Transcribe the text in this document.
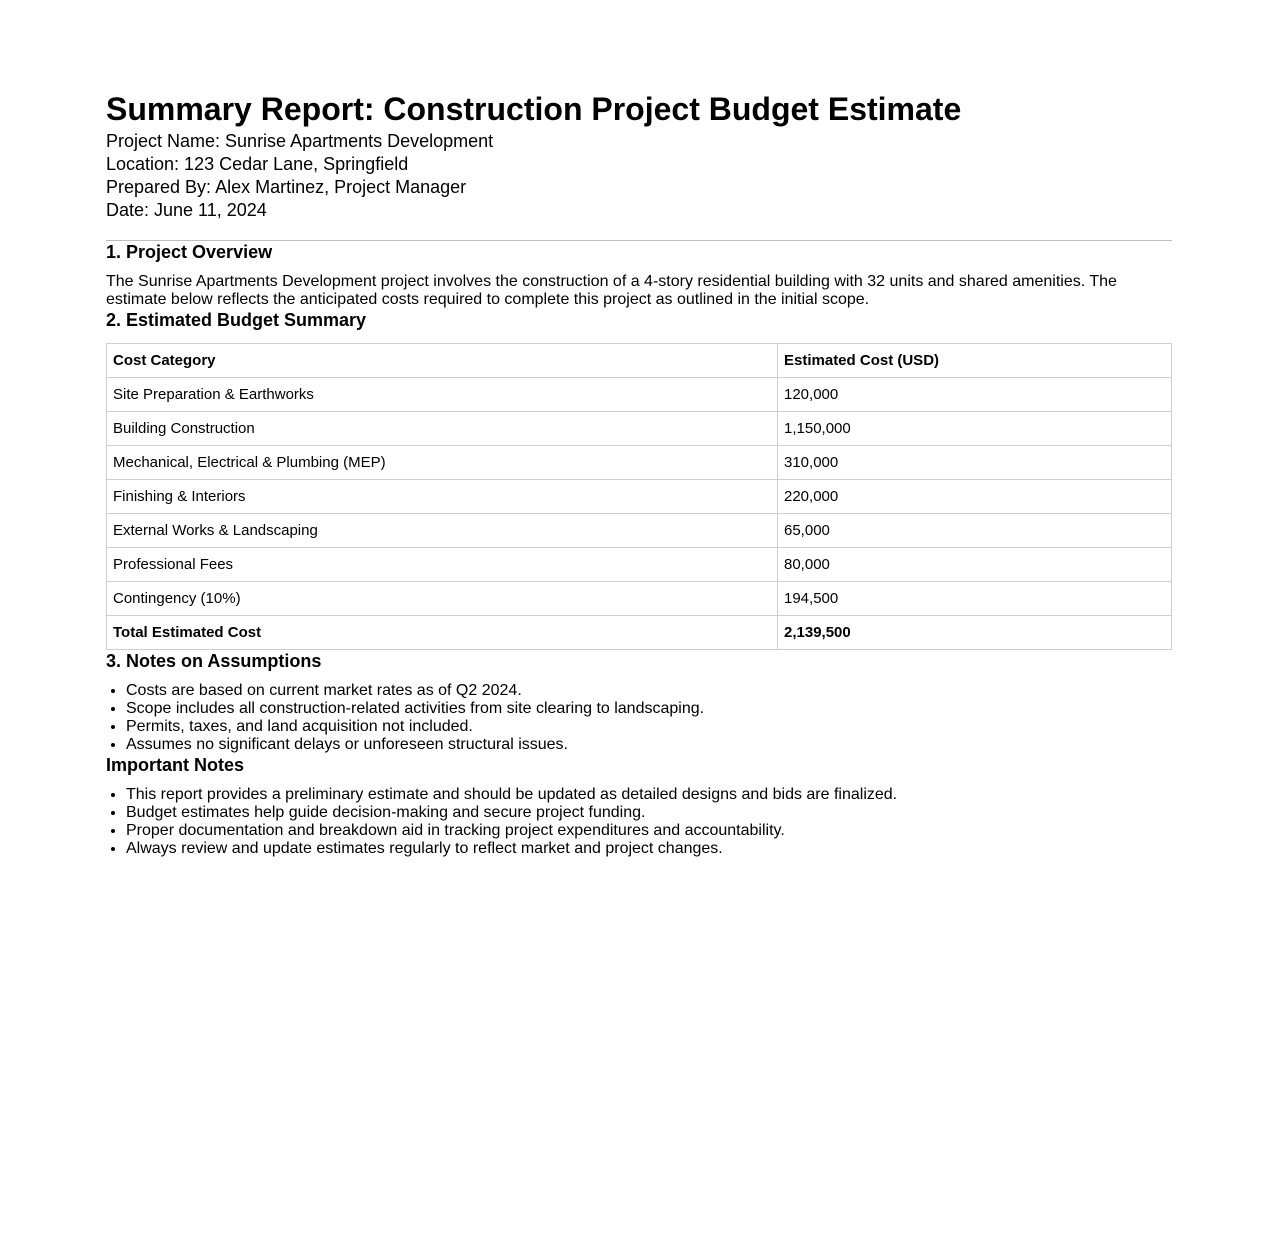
Summary Report: Construction Project Budget Estimate
Project Name: Sunrise Apartments Development
Location: 123 Cedar Lane, Springfield
Prepared By: Alex Martinez, Project Manager
Date: June 11, 2024
1. Project Overview
The Sunrise Apartments Development project involves the construction of a 4-story residential building with 32 units and shared amenities. The estimate below reflects the anticipated costs required to complete this project as outlined in the initial scope.
2. Estimated Budget Summary
Cost Category	Estimated Cost (USD)
Site Preparation & Earthworks	120,000
Building Construction	1,150,000
Mechanical, Electrical & Plumbing (MEP)	310,000
Finishing & Interiors	220,000
External Works & Landscaping	65,000
Professional Fees	80,000
Contingency (10%)	194,500
Total Estimated Cost	2,139,500
3. Notes on Assumptions
• Costs are based on current market rates as of Q2 2024.
• Scope includes all construction-related activities from site clearing to landscaping.
• Permits, taxes, and land acquisition not included.
• Assumes no significant delays or unforeseen structural issues.
Important Notes
• This report provides a preliminary estimate and should be updated as detailed designs and bids are finalized.
• Budget estimates help guide decision-making and secure project funding.
• Proper documentation and breakdown aid in tracking project expenditures and accountability.
• Always review and update estimates regularly to reflect market and project changes.
